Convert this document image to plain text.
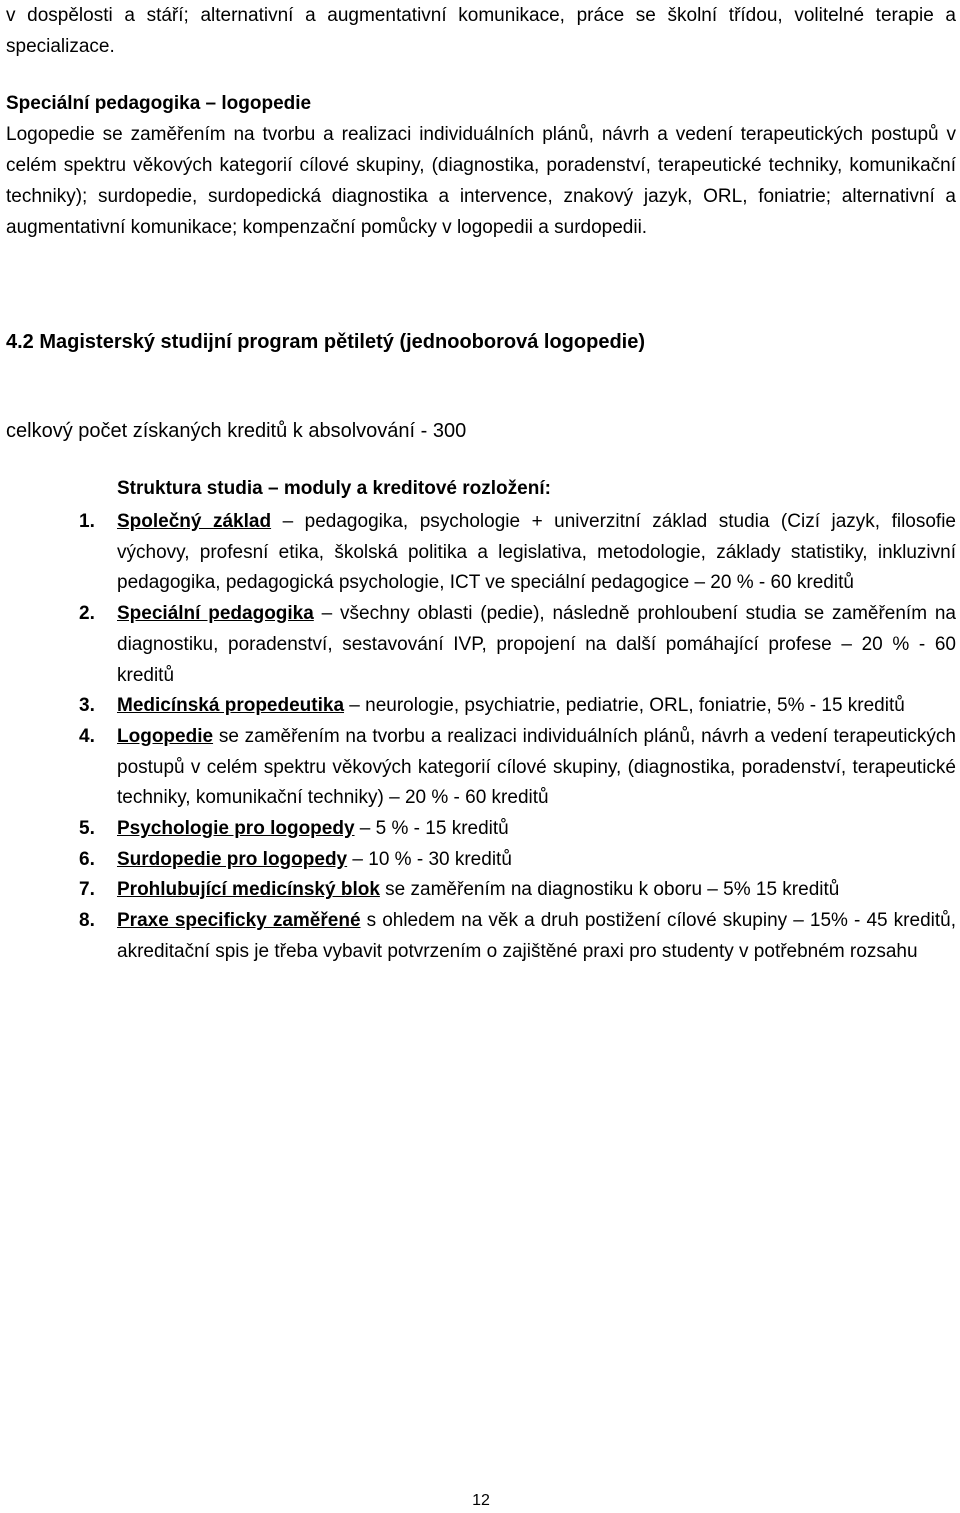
v dospělosti a stáří; alternativní a augmentativní komunikace, práce se školní třídou, volitelné terapie a specializace.

Speciální pedagogika – logopedie

Logopedie se zaměřením na tvorbu a realizaci individuálních plánů, návrh a vedení terapeutických postupů v celém spektru věkových kategorií cílové skupiny, (diagnostika, poradenství, terapeutické techniky, komunikační techniky); surdopedie, surdopedická diagnostika a intervence, znakový jazyk, ORL, foniatrie; alternativní a augmentativní komunikace; kompenzační pomůcky v logopedii a surdopedii.

4.2 Magisterský studijní program pětiletý (jednooborová logopedie)

celkový počet získaných kreditů k absolvování - 300

Struktura studia – moduly a kreditové rozložení:

1. Společný základ – pedagogika, psychologie + univerzitní základ studia (Cizí jazyk, filosofie výchovy, profesní etika, školská politika a legislativa, metodologie, základy statistiky, inkluzivní pedagogika, pedagogická psychologie, ICT ve speciální pedagogice – 20 % - 60 kreditů
2. Speciální pedagogika – všechny oblasti (pedie), následně prohloubení studia se zaměřením na diagnostiku, poradenství, sestavování IVP, propojení na další pomáhající profese – 20 % - 60 kreditů
3. Medicínská propedeutika – neurologie, psychiatrie, pediatrie, ORL, foniatrie, 5% - 15 kreditů
4. Logopedie se zaměřením na tvorbu a realizaci individuálních plánů, návrh a vedení terapeutických postupů v celém spektru věkových kategorií cílové skupiny, (diagnostika, poradenství, terapeutické techniky, komunikační techniky) – 20 % - 60 kreditů
5. Psychologie pro logopedy – 5 % - 15 kreditů
6. Surdopedie pro logopedy – 10 % - 30 kreditů
7. Prohlubující medicínský blok se zaměřením na diagnostiku k oboru – 5% 15 kreditů
8. Praxe specificky zaměřené s ohledem na věk a druh postižení cílové skupiny – 15% - 45 kreditů, akreditační spis je třeba vybavit potvrzením o zajištěné praxi pro studenty v potřebném rozsahu

12
